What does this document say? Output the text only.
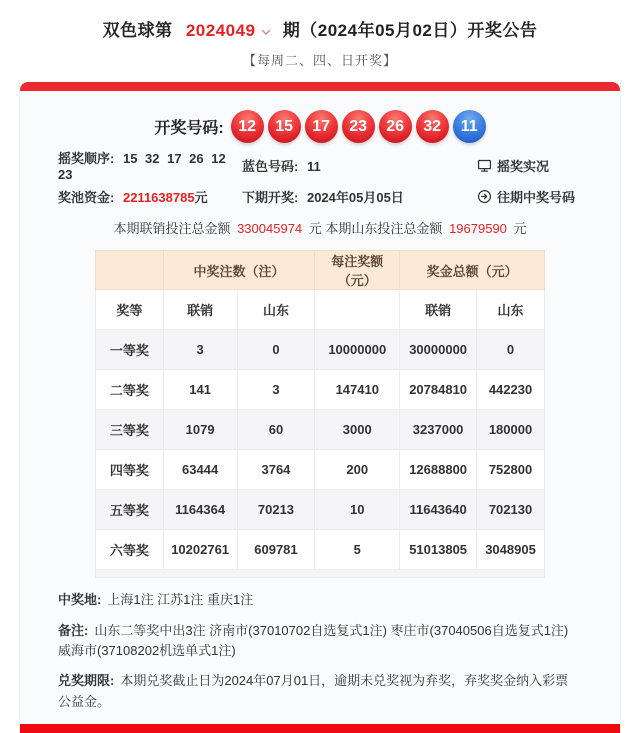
双色球第 2024049 期（2024年05月02日）开奖公告
【每周二、四、日开奖】
开奖号码: 12	15	17	23	26	32	11
摇奖顺序: 15 32 17 26 12 23
蓝色号码: 11	摇奖实况
奖池资金: 2211638785元	下期开奖: 2024年05月05日	往期中奖号码
本期联销投注总金额 330045974 元 本期山东投注总金额 19679590 元
	中奖注数（注）		每注奖额（元）	奖金总额（元）	
奖等	联销	山东		联销	山东
一等奖	3	0	10000000	30000000	0
二等奖	141	3	147410	20784810	442230
三等奖	1079	60	3000	3237000	180000
四等奖	63444	3764	200	12688800	752800
五等奖	1164364	70213	10	11643640	702130
六等奖	10202761	609781	5	51013805	3048905

中奖地: 上海1注 江苏1注 重庆1注
备注: 山东二等奖中出3注 济南市(37010702自选复式1注) 枣庄市(37040506自选复式1注) 威海市(37108202机选单式1注)
兑奖期限: 本期兑奖截止日为2024年07月01日，逾期未兑奖视为弃奖，弃奖奖金纳入彩票公益金。
